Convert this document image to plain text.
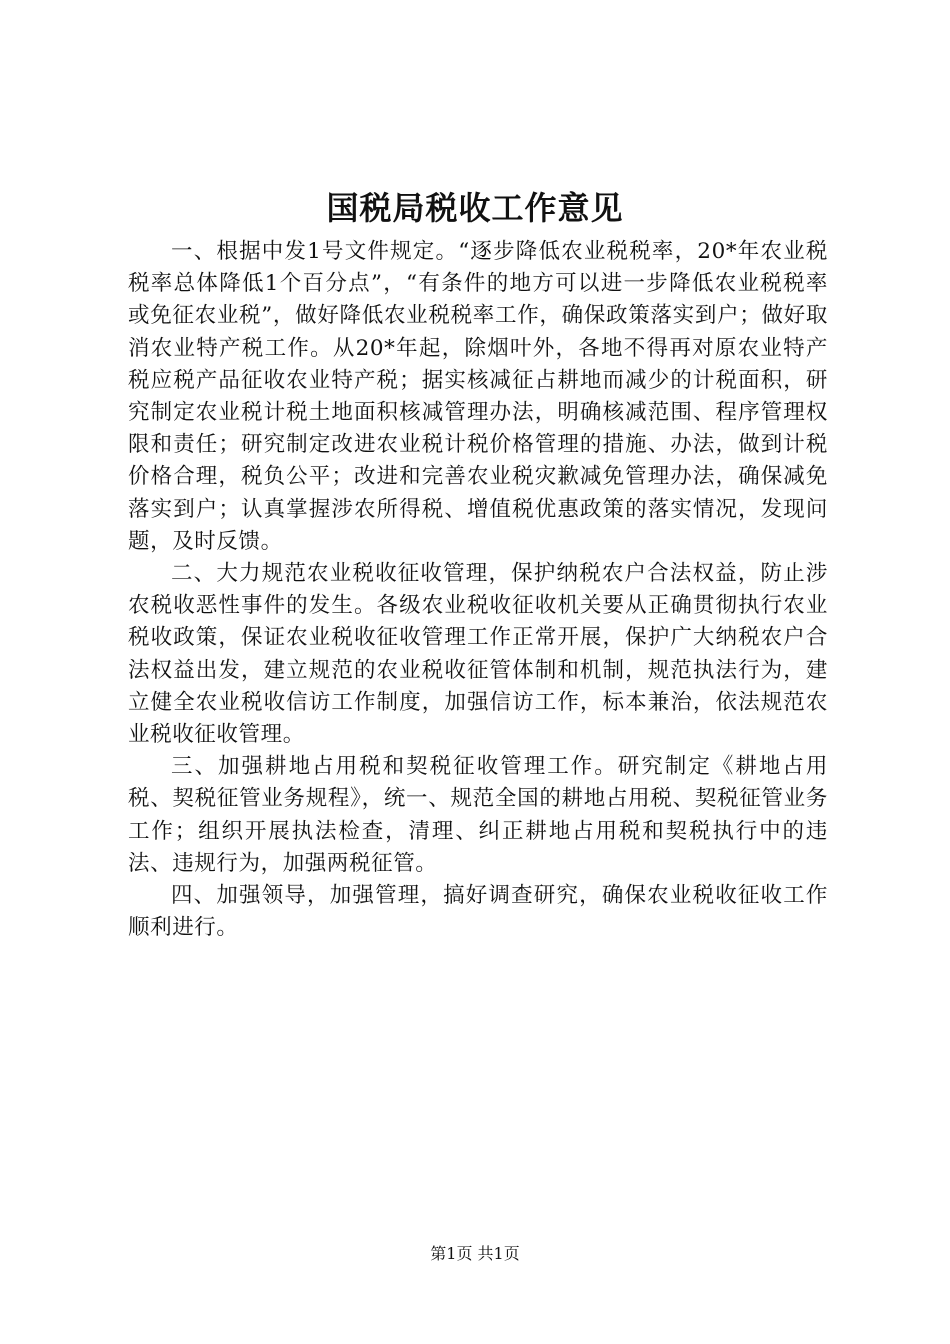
国税局税收工作意见

一、根据中发1号文件规定。“逐步降低农业税税率，20*年农业税税率总体降低1个百分点”，“有条件的地方可以进一步降低农业税税率或免征农业税”，做好降低农业税税率工作，确保政策落实到户；做好取消农业特产税工作。从20*年起，除烟叶外，各地不得再对原农业特产税应税产品征收农业特产税；据实核减征占耕地而减少的计税面积，研究制定农业税计税土地面积核减管理办法，明确核减范围、程序管理权限和责任；研究制定改进农业税计税价格管理的措施、办法，做到计税价格合理，税负公平；改进和完善农业税灾歉减免管理办法，确保减免落实到户；认真掌握涉农所得税、增值税优惠政策的落实情况，发现问题，及时反馈。

二、大力规范农业税收征收管理，保护纳税农户合法权益，防止涉农税收恶性事件的发生。各级农业税收征收机关要从正确贯彻执行农业税收政策，保证农业税收征收管理工作正常开展，保护广大纳税农户合法权益出发，建立规范的农业税收征管体制和机制，规范执法行为，建立健全农业税收信访工作制度，加强信访工作，标本兼治，依法规范农业税收征收管理。

三、加强耕地占用税和契税征收管理工作。研究制定《耕地占用税、契税征管业务规程》，统一、规范全国的耕地占用税、契税征管业务工作；组织开展执法检查，清理、纠正耕地占用税和契税执行中的违法、违规行为，加强两税征管。

四、加强领导，加强管理，搞好调查研究，确保农业税收征收工作顺利进行。

第1页 共1页
